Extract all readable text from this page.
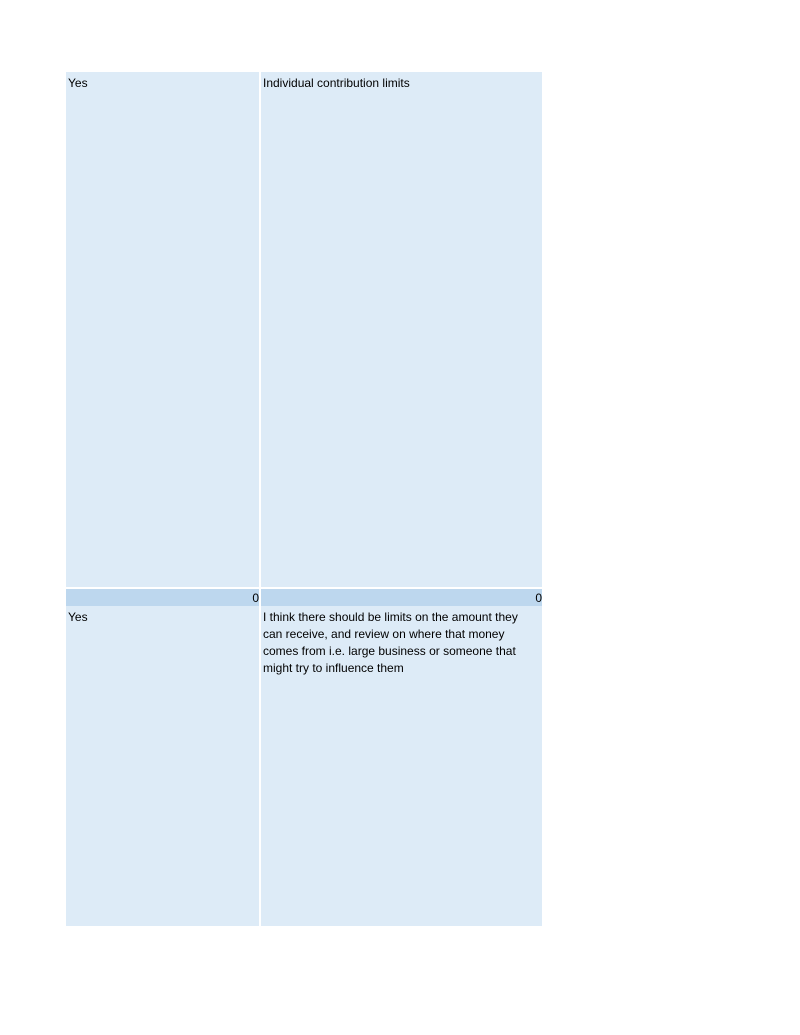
Yes	Individual contribution limits
0	0
Yes	I think there should be limits on the amount they can receive, and review on where that money comes from i.e. large business or someone that might try to influence them
